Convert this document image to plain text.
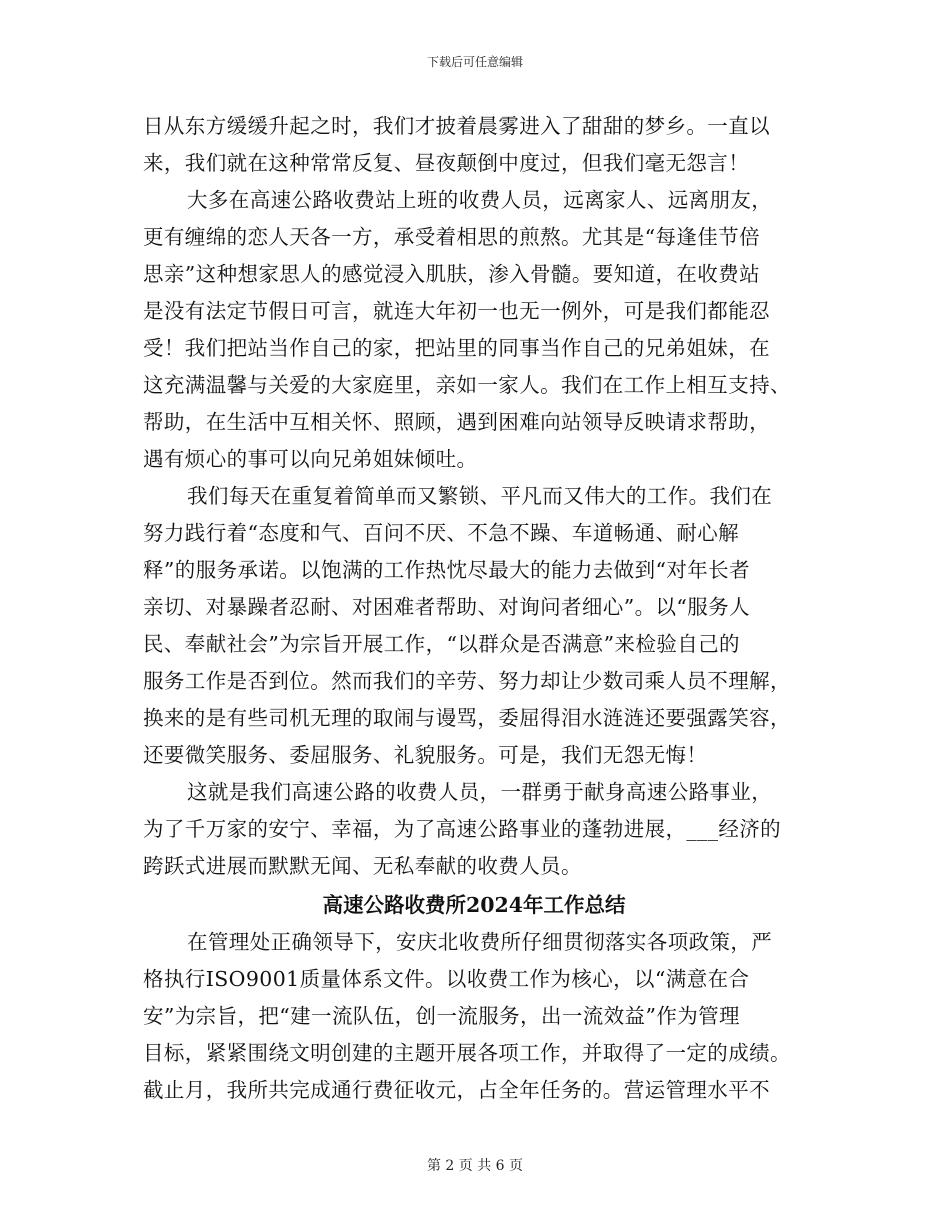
下载后可任意编辑
日从东方缓缓升起之时，我们才披着晨雾进入了甜甜的梦乡。一直以
来，我们就在这种常常反复、昼夜颠倒中度过，但我们毫无怨言！
大多在高速公路收费站上班的收费人员，远离家人、远离朋友，
更有缠绵的恋人天各一方，承受着相思的煎熬。尤其是“每逢佳节倍
思亲”这种想家思人的感觉浸入肌肤，渗入骨髓。要知道，在收费站
是没有法定节假日可言，就连大年初一也无一例外，可是我们都能忍
受！我们把站当作自己的家，把站里的同事当作自己的兄弟姐妹，在
这充满温馨与关爱的大家庭里，亲如一家人。我们在工作上相互支持、
帮助，在生活中互相关怀、照顾，遇到困难向站领导反映请求帮助，
遇有烦心的事可以向兄弟姐妹倾吐。
我们每天在重复着简单而又繁锁、平凡而又伟大的工作。我们在
努力践行着“态度和气、百问不厌、不急不躁、车道畅通、耐心解
释”的服务承诺。以饱满的工作热忱尽最大的能力去做到“对年长者
亲切、对暴躁者忍耐、对困难者帮助、对询问者细心”。以“服务人
民、奉献社会”为宗旨开展工作，“以群众是否满意”来检验自己的
服务工作是否到位。然而我们的辛劳、努力却让少数司乘人员不理解，
换来的是有些司机无理的取闹与谩骂，委屈得泪水涟涟还要强露笑容，
还要微笑服务、委屈服务、礼貌服务。可是，我们无怨无悔！
这就是我们高速公路的收费人员，一群勇于献身高速公路事业，
为了千万家的安宁、幸福，为了高速公路事业的蓬勃进展，___经济的
跨跃式进展而默默无闻、无私奉献的收费人员。
高速公路收费所2024年工作总结
在管理处正确领导下，安庆北收费所仔细贯彻落实各项政策，严
格执行ISO9001质量体系文件。以收费工作为核心，以“满意在合
安”为宗旨，把“建一流队伍，创一流服务，出一流效益”作为管理
目标，紧紧围绕文明创建的主题开展各项工作，并取得了一定的成绩。
截止月，我所共完成通行费征收元，占全年任务的。营运管理水平不
第 2 页 共 6 页
